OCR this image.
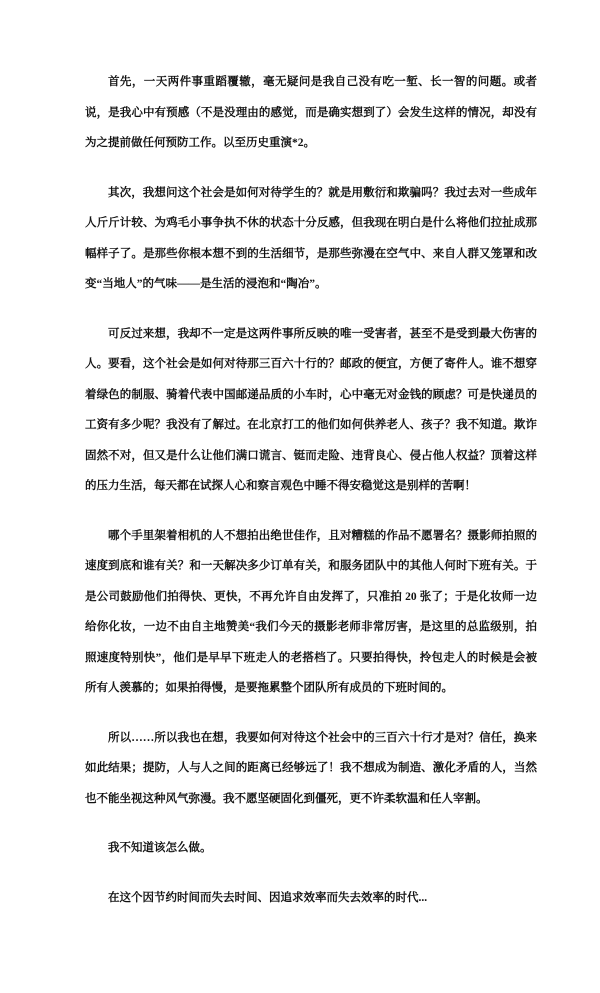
首先，一天两件事重蹈覆辙，毫无疑问是我自己没有吃一堑、长一智的问题。或者说，是我心中有预感（不是没理由的感觉，而是确实想到了）会发生这样的情况，却没有为之提前做任何预防工作。以至历史重演*2。

其次，我想问这个社会是如何对待学生的？就是用敷衍和欺骗吗？我过去对一些成年人斤斤计较、为鸡毛小事争执不休的状态十分反感，但我现在明白是什么将他们拉扯成那幅样子了。是那些你根本想不到的生活细节，是那些弥漫在空气中、来自人群又笼罩和改变“当地人”的气味——是生活的浸泡和“陶冶”。

可反过来想，我却不一定是这两件事所反映的唯一受害者，甚至不是受到最大伤害的人。要看，这个社会是如何对待那三百六十行的？邮政的便宜，方便了寄件人。谁不想穿着绿色的制服、骑着代表中国邮递品质的小车时，心中毫无对金钱的顾虑？可是快递员的工资有多少呢？我没有了解过。在北京打工的他们如何供养老人、孩子？我不知道。欺诈固然不对，但又是什么让他们满口谎言、铤而走险、违背良心、侵占他人权益？顶着这样的压力生活，每天都在试探人心和察言观色中睡不得安稳觉这是别样的苦啊！

哪个手里架着相机的人不想拍出绝世佳作，且对糟糕的作品不愿署名？摄影师拍照的速度到底和谁有关？和一天解决多少订单有关，和服务团队中的其他人何时下班有关。于是公司鼓励他们拍得快、更快，不再允许自由发挥了，只准拍 20 张了；于是化妆师一边给你化妆，一边不由自主地赞美“我们今天的摄影老师非常厉害，是这里的总监级别，拍照速度特别快”，他们是早早下班走人的老搭档了。只要拍得快，拎包走人的时候是会被所有人羡慕的；如果拍得慢，是要拖累整个团队所有成员的下班时间的。

所以……所以我也在想，我要如何对待这个社会中的三百六十行才是对？信任，换来如此结果；提防，人与人之间的距离已经够远了！我不想成为制造、激化矛盾的人，当然也不能坐视这种风气弥漫。我不愿坚硬固化到僵死，更不许柔软温和任人宰割。

我不知道该怎么做。

在这个因节约时间而失去时间、因追求效率而失去效率的时代...
